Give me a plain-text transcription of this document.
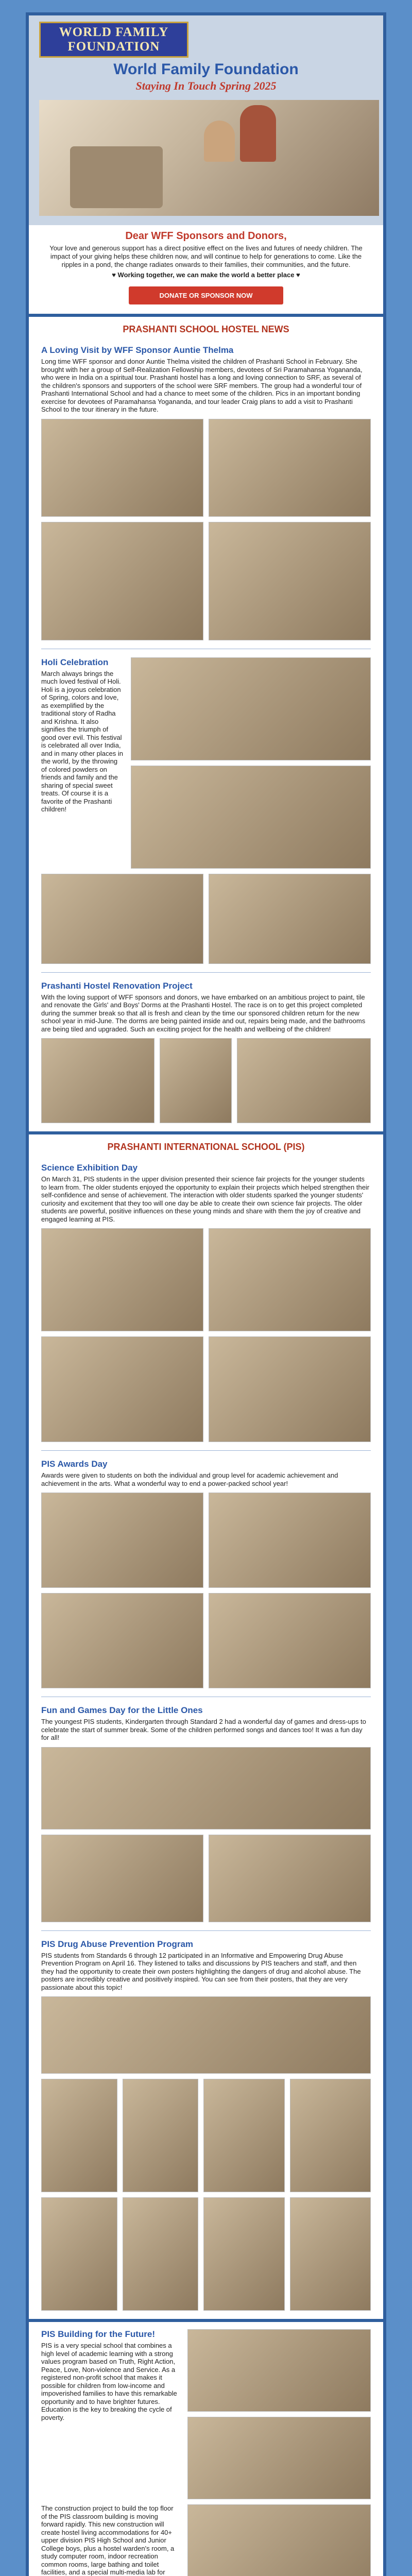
WORLD FAMILY
FOUNDATION
World Family Foundation
Staying In Touch Spring 2025
Dear WFF Sponsors and Donors,

Your love and generous support has a direct positive effect on the lives and futures of needy children. The impact of your giving helps these children now, and will continue to help for generations to come. Like the ripples in a pond, the change radiates onwards to their families, their communities, and the future.

♥ Working together, we can make the world a better place ♥

DONATE OR SPONSOR NOW
PRASHANTI SCHOOL HOSTEL NEWS
A Loving Visit by WFF Sponsor Auntie Thelma
Long time WFF sponsor and donor Auntie Thelma visited the children of Prashanti School in February. She brought with her a group of Self-Realization Fellowship members, devotees of Sri Paramahansa Yogananda, who were in India on a spiritual tour. Prashanti hostel has a long and loving connection to SRF, as several of the children's sponsors and supporters of the school were SRF members. The group had a wonderful tour of Prashanti International School and had a chance to meet some of the children. Pics in an important bonding exercise for devotees of Paramahansa Yogananda, and tour leader Craig plans to add a visit to Prashanti School to the tour itinerary in the future.
Holi Celebration
March always brings the much loved festival of Holi. Holi is a joyous celebration of Spring, colors and love, as exemplified by the traditional story of Radha and Krishna. It also signifies the triumph of good over evil. This festival is celebrated all over India, and in many other places in the world, by the throwing of colored powders on friends and family and the sharing of special sweet treats. Of course it is a favorite of the Prashanti children!
Prashanti Hostel Renovation Project
With the loving support of WFF sponsors and donors, we have embarked on an ambitious project to paint, tile and renovate the Girls' and Boys' Dorms at the Prashanti Hostel. The race is on to get this project completed during the summer break so that all is fresh and clean by the time our sponsored children return for the new school year in mid-June. The dorms are being painted inside and out, repairs being made, and the bathrooms are being tiled and upgraded. Such an exciting project for the health and wellbeing of the children!
PRASHANTI INTERNATIONAL SCHOOL (PIS)
Science Exhibition Day
On March 31, PIS students in the upper division presented their science fair projects for the younger students to learn from. The older students enjoyed the opportunity to explain their projects which helped strengthen their self-confidence and sense of achievement. The interaction with older students sparked the younger students' curiosity and excitement that they too will one day be able to create their own science fair projects. The older students are powerful, positive influences on these young minds and share with them the joy of creative and engaged learning at PIS.
PIS Awards Day
Awards were given to students on both the individual and group level for academic achievement and achievement in the arts. What a wonderful way to end a power-packed school year!
Fun and Games Day for the Little Ones
The youngest PIS students, Kindergarten through Standard 2 had a wonderful day of games and dress-ups to celebrate the start of summer break. Some of the children performed songs and dances too! It was a fun day for all!
PIS Drug Abuse Prevention Program
PIS students from Standards 6 through 12 participated in an Informative and Empowering Drug Abuse Prevention Program on April 16. They listened to talks and discussions by PIS teachers and staff, and then they had the opportunity to create their own posters highlighting the dangers of drug and alcohol abuse. The posters are incredibly creative and positively inspired. You can see from their posters, that they are very passionate about this topic!
PIS Building for the Future!
PIS is a very special school that combines a high level of academic learning with a strong values program based on Truth, Right Action, Peace, Love, Non-violence and Service. As a registered non-profit school that makes it possible for children from low-income and impoverished families to have this remarkable opportunity and to have brighter futures. Education is the key to breaking the cycle of poverty.
The construction project to build the top floor of the PIS classroom building is moving forward rapidly. This new construction will create hostel living accommodations for 40+ upper division PIS High School and Junior College boys, plus a hostel warden's room, a study computer room, indoor recreation common rooms, large bathing and toilet facilities, and a special multi-media lab for
